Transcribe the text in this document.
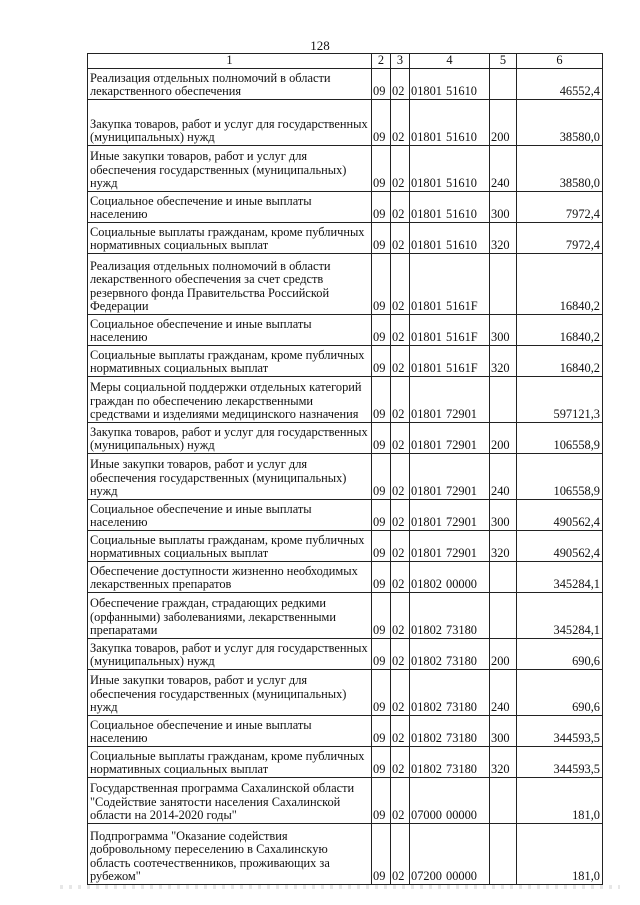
128
1	2	3	4	5	6
Реализация отдельных полномочий в области лекарственного обеспечения	09	02	01801 51610		46552,4
Закупка товаров, работ и услуг для государственных (муниципальных) нужд	09	02	01801 51610	200	38580,0
Иные закупки товаров, работ и услуг для обеспечения государственных (муниципальных) нужд	09	02	01801 51610	240	38580,0
Социальное обеспечение и иные выплаты населению	09	02	01801 51610	300	7972,4
Социальные выплаты гражданам, кроме публичных нормативных социальных выплат	09	02	01801 51610	320	7972,4
Реализация отдельных полномочий в области лекарственного обеспечения за счет средств резервного фонда Правительства Российской Федерации	09	02	01801 5161F		16840,2
Социальное обеспечение и иные выплаты населению	09	02	01801 5161F	300	16840,2
Социальные выплаты гражданам, кроме публичных нормативных социальных выплат	09	02	01801 5161F	320	16840,2
Меры социальной поддержки отдельных категорий граждан по обеспечению лекарственными средствами и изделиями медицинского назначения	09	02	01801 72901		597121,3
Закупка товаров, работ и услуг для государственных (муниципальных) нужд	09	02	01801 72901	200	106558,9
Иные закупки товаров, работ и услуг для обеспечения государственных (муниципальных) нужд	09	02	01801 72901	240	106558,9
Социальное обеспечение и иные выплаты населению	09	02	01801 72901	300	490562,4
Социальные выплаты гражданам, кроме публичных нормативных социальных выплат	09	02	01801 72901	320	490562,4
Обеспечение доступности жизненно необходимых лекарственных препаратов	09	02	01802 00000		345284,1
Обеспечение граждан, страдающих редкими (орфанными) заболеваниями, лекарственными препаратами	09	02	01802 73180		345284,1
Закупка товаров, работ и услуг для государственных (муниципальных) нужд	09	02	01802 73180	200	690,6
Иные закупки товаров, работ и услуг для обеспечения государственных (муниципальных) нужд	09	02	01802 73180	240	690,6
Социальное обеспечение и иные выплаты населению	09	02	01802 73180	300	344593,5
Социальные выплаты гражданам, кроме публичных нормативных социальных выплат	09	02	01802 73180	320	344593,5
Государственная программа Сахалинской области "Содействие занятости населения Сахалинской области на 2014-2020 годы"	09	02	07000 00000		181,0
Подпрограмма "Оказание содействия добровольному переселению в Сахалинскую область соотечественников, проживающих за рубежом"	09	02	07200 00000		181,0
